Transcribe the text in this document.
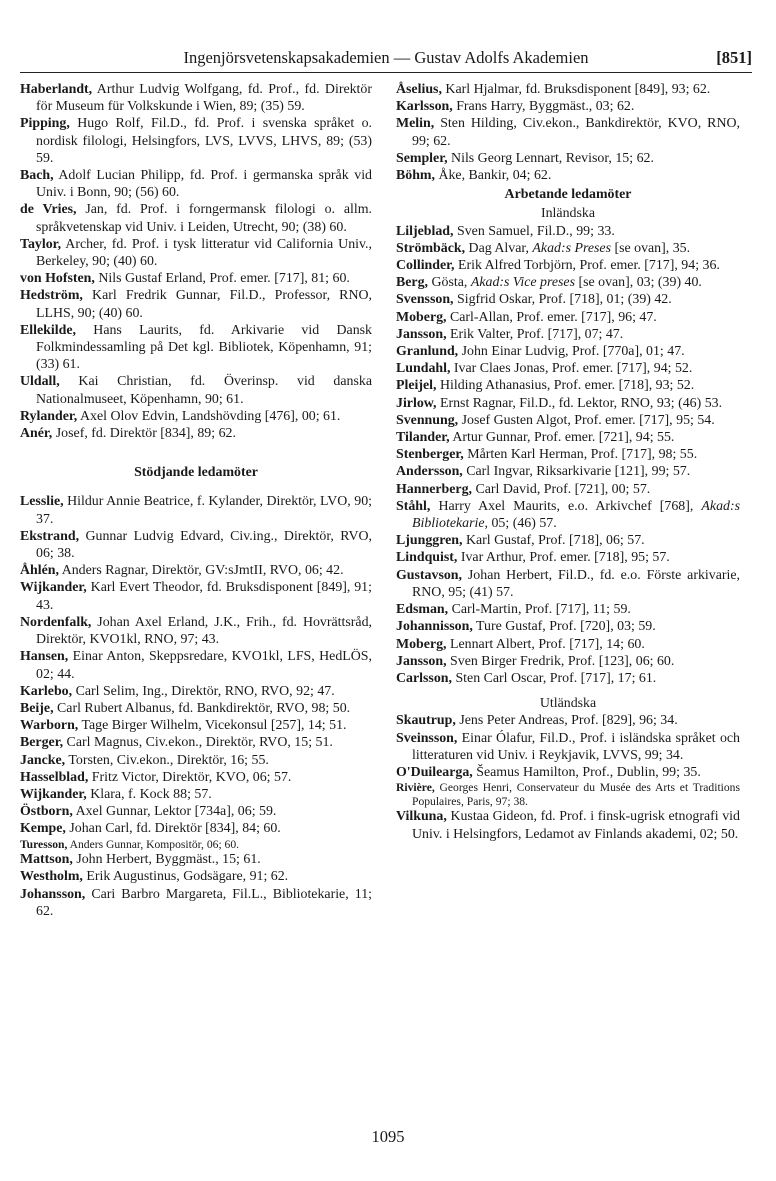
Ingenjörsvetenskapsakademien — Gustav Adolfs Akademien	[851]
Haberlandt, Arthur Ludvig Wolfgang, fd. Prof., fd. Direktör för Museum für Volkskunde i Wien, 89; (35) 59.
Pipping, Hugo Rolf, Fil.D., fd. Prof. i svenska språket o. nordisk filologi, Helsingfors, LVS, LVVS, LHVS, 89; (53) 59.
Bach, Adolf Lucian Philipp, fd. Prof. i germanska språk vid Univ. i Bonn, 90; (56) 60.
de Vries, Jan, fd. Prof. i forngermansk filologi o. allm. språkvetenskap vid Univ. i Leiden, Utrecht, 90; (38) 60.
Taylor, Archer, fd. Prof. i tysk litteratur vid California Univ., Berkeley, 90; (40) 60.
von Hofsten, Nils Gustaf Erland, Prof. emer. [717], 81; 60.
Hedström, Karl Fredrik Gunnar, Fil.D., Professor, RNO, LLHS, 90; (40) 60.
Ellekilde, Hans Laurits, fd. Arkivarie vid Dansk Folkmindessamling på Det kgl. Bibliotek, Köpenhamn, 91; (33) 61.
Uldall, Kai Christian, fd. Överinsp. vid danska Nationalmuseet, Köpenhamn, 90; 61.
Rylander, Axel Olov Edvin, Landshövding [476], 00; 61.
Anér, Josef, fd. Direktör [834], 89; 62.
Stödjande ledamöter
Lesslie, Hildur Annie Beatrice, f. Kylander, Direktör, LVO, 90; 37.
Ekstrand, Gunnar Ludvig Edvard, Civ.ing., Direktör, RVO, 06; 38.
Åhlén, Anders Ragnar, Direktör, GV:sJmtII, RVO, 06; 42.
Wijkander, Karl Evert Theodor, fd. Bruksdisponent [849], 91; 43.
Nordenfalk, Johan Axel Erland, J.K., Frih., fd. Hovrättsråd, Direktör, KVO1kl, RNO, 97; 43.
Hansen, Einar Anton, Skeppsredare, KVO1kl, LFS, HedLÖS, 02; 44.
Karlebo, Carl Selim, Ing., Direktör, RNO, RVO, 92; 47.
Beije, Carl Rubert Albanus, fd. Bankdirektör, RVO, 98; 50.
Warborn, Tage Birger Wilhelm, Vicekonsul [257], 14; 51.
Berger, Carl Magnus, Civ.ekon., Direktör, RVO, 15; 51.
Jancke, Torsten, Civ.ekon., Direktör, 16; 55.
Hasselblad, Fritz Victor, Direktör, KVO, 06; 57.
Wijkander, Klara, f. Kock 88; 57.
Östborn, Axel Gunnar, Lektor [734a], 06; 59.
Kempe, Johan Carl, fd. Direktör [834], 84; 60.
Turesson, Anders Gunnar, Kompositör, 06; 60.
Mattson, John Herbert, Byggmäst., 15; 61.
Westholm, Erik Augustinus, Godsägare, 91; 62.
Johansson, Cari Barbro Margareta, Fil.L., Bibliotekarie, 11; 62.
Åselius, Karl Hjalmar, fd. Bruksdisponent [849], 93; 62.
Karlsson, Frans Harry, Byggmäst., 03; 62.
Melin, Sten Hilding, Civ.ekon., Bankdirektör, KVO, RNO, 99; 62.
Sempler, Nils Georg Lennart, Revisor, 15; 62.
Böhm, Åke, Bankir, 04; 62.
Arbetande ledamöter
Inländska
Liljeblad, Sven Samuel, Fil.D., 99; 33.
Strömbäck, Dag Alvar, Akad:s Preses [se ovan], 35.
Collinder, Erik Alfred Torbjörn, Prof. emer. [717], 94; 36.
Berg, Gösta, Akad:s Vice preses [se ovan], 03; (39) 40.
Svensson, Sigfrid Oskar, Prof. [718], 01; (39) 42.
Moberg, Carl-Allan, Prof. emer. [717], 96; 47.
Jansson, Erik Valter, Prof. [717], 07; 47.
Granlund, John Einar Ludvig, Prof. [770a], 01; 47.
Lundahl, Ivar Claes Jonas, Prof. emer. [717], 94; 52.
Pleijel, Hilding Athanasius, Prof. emer. [718], 93; 52.
Jirlow, Ernst Ragnar, Fil.D., fd. Lektor, RNO, 93; (46) 53.
Svennung, Josef Gusten Algot, Prof. emer. [717], 95; 54.
Tilander, Artur Gunnar, Prof. emer. [721], 94; 55.
Stenberger, Mårten Karl Herman, Prof. [717], 98; 55.
Andersson, Carl Ingvar, Riksarkivarie [121], 99; 57.
Hannerberg, Carl David, Prof. [721], 00; 57.
Ståhl, Harry Axel Maurits, e.o. Arkivchef [768], Akad:s Bibliotekarie, 05; (46) 57.
Ljunggren, Karl Gustaf, Prof. [718], 06; 57.
Lindquist, Ivar Arthur, Prof. emer. [718], 95; 57.
Gustavson, Johan Herbert, Fil.D., fd. e.o. Förste arkivarie, RNO, 95; (41) 57.
Edsman, Carl-Martin, Prof. [717], 11; 59.
Johannisson, Ture Gustaf, Prof. [720], 03; 59.
Moberg, Lennart Albert, Prof. [717], 14; 60.
Jansson, Sven Birger Fredrik, Prof. [123], 06; 60.
Carlsson, Sten Carl Oscar, Prof. [717], 17; 61.
Utländska
Skautrup, Jens Peter Andreas, Prof. [829], 96; 34.
Sveinsson, Einar Ólafur, Fil.D., Prof. i isländska språket och litteraturen vid Univ. i Reykjavik, LVVS, 99; 34.
O'Duilearga, Šeamus Hamilton, Prof., Dublin, 99; 35.
Rivière, Georges Henri, Conservateur du Musée des Arts et Traditions Populaires, Paris, 97; 38.
Vilkuna, Kustaa Gideon, fd. Prof. i finsk-ugrisk etnografi vid Univ. i Helsingfors, Ledamot av Finlands akademi, 02; 50.
1095
